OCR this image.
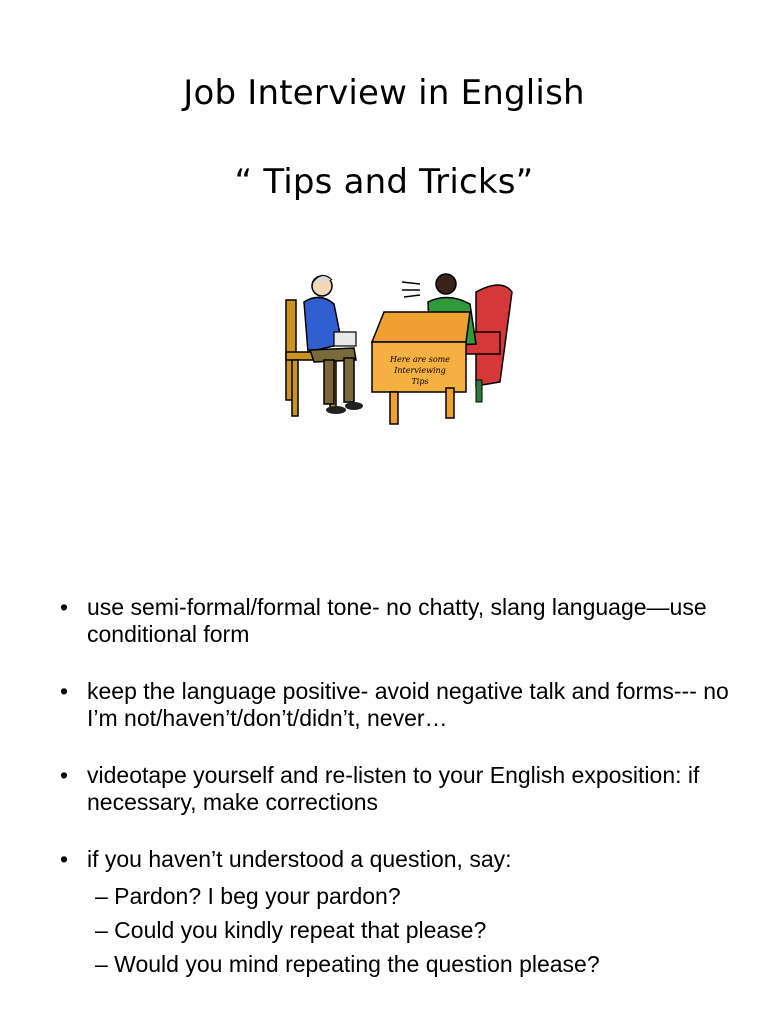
Job Interview in English
“ Tips and Tricks”
Here are some
Interviewing
Tips
• use semi-formal/formal tone- no chatty, slang language—use conditional form
• keep the language positive- avoid negative talk and forms--- no I’m not/haven’t/don’t/didn’t, never…
• videotape yourself and re-listen to your English exposition: if necessary, make corrections
• if you haven’t understood a question, say:
– Pardon? I beg your pardon?
– Could you kindly repeat that please?
– Would you mind repeating the question please?
